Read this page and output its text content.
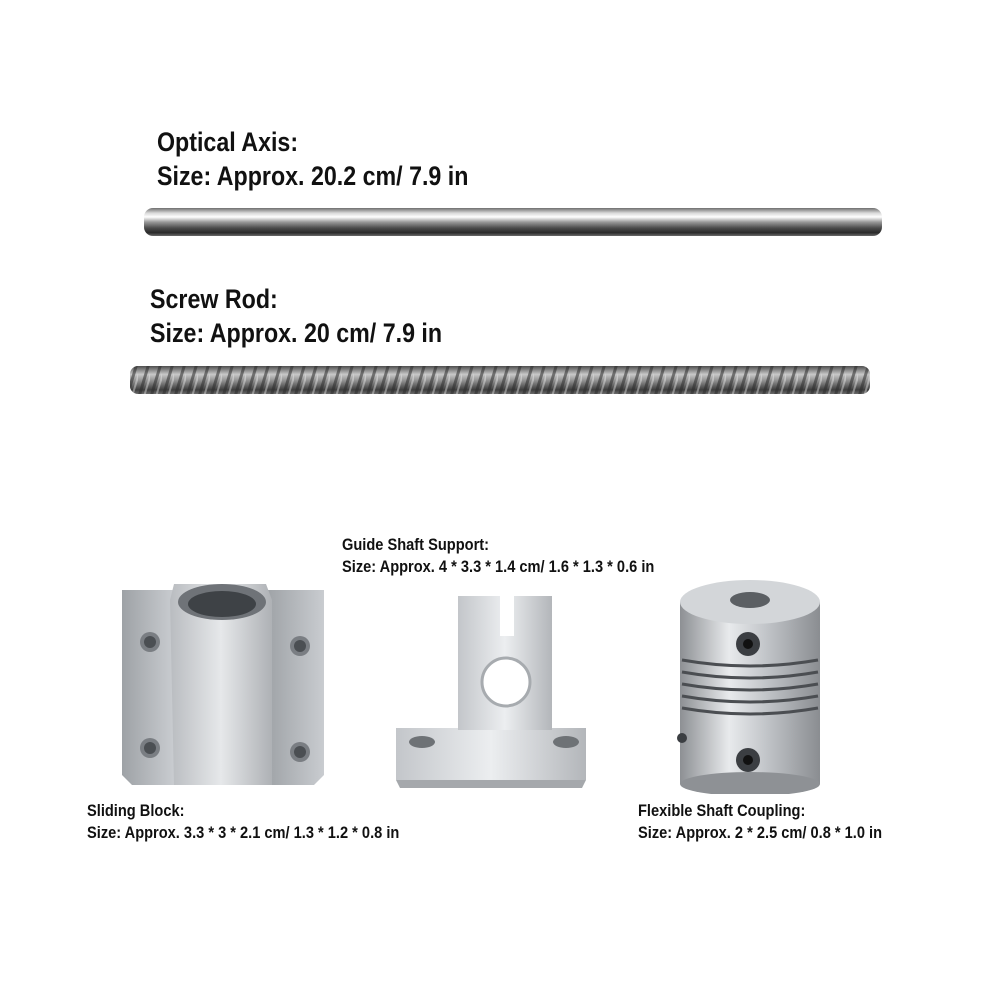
Optical Axis:
Size: Approx. 20.2 cm/ 7.9 in
Screw Rod:
Size: Approx. 20 cm/ 7.9 in
Guide Shaft Support:
Size: Approx. 4 * 3.3 * 1.4 cm/ 1.6 * 1.3 * 0.6 in
Sliding Block:
Size: Approx. 3.3 * 3 * 2.1 cm/ 1.3 * 1.2 * 0.8 in
Flexible Shaft Coupling:
Size: Approx. 2 * 2.5 cm/ 0.8 * 1.0 in
